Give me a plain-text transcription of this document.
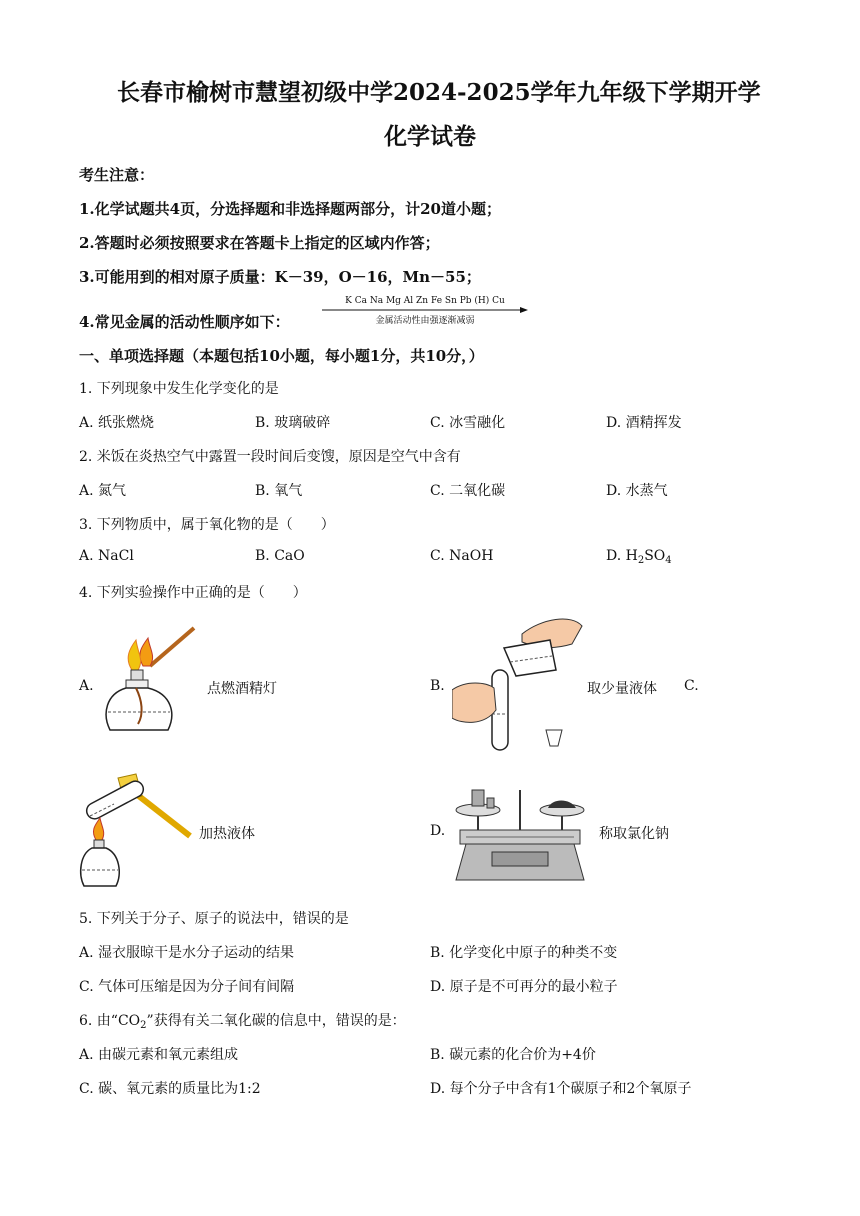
长春市榆树市慧望初级中学2024-2025学年九年级下学期开学
化学试卷
考生注意：
1.化学试题共4页，分选择题和非选择题两部分，计20道小题；
2.答题时必须按照要求在答题卡上指定的区域内作答；
3.可能用到的相对原子质量：K－39，O－16，Mn－55；
4.常见金属的活动性顺序如下：
K Ca Na Mg Al Zn Fe Sn Pb (H) Cu
金属活动性由强逐渐减弱
一、单项选择题（本题包括10小题，每小题1分，共10分，）
1. 下列现象中发生化学变化的是
A. 纸张燃烧	B. 玻璃破碎	C. 冰雪融化	D. 酒精挥发
2. 米饭在炎热空气中露置一段时间后变馊，原因是空气中含有
A. 氮气	B. 氧气	C. 二氧化碳	D. 水蒸气
3. 下列物质中，属于氧化物的是（　　）
A. NaCl	B. CaO	C. NaOH	D. $H_2SO_4$
4. 下列实验操作中正确的是（　　）
A.	点燃酒精灯	B.	取少量液体 C.
加热液体	D.	称取氯化钠
5. 下列关于分子、原子的说法中，错误的是
A. 湿衣服晾干是水分子运动的结果	B. 化学变化中原子的种类不变
C. 气体可压缩是因为分子间有间隔	D. 原子是不可再分的最小粒子
6. 由“$CO_2$”获得有关二氧化碳的信息中，错误的是：
A. 由碳元素和氧元素组成	B. 碳元素的化合价为+4价
C. 碳、氧元素的质量比为1:2	D. 每个分子中含有1个碳原子和2个氧原子
